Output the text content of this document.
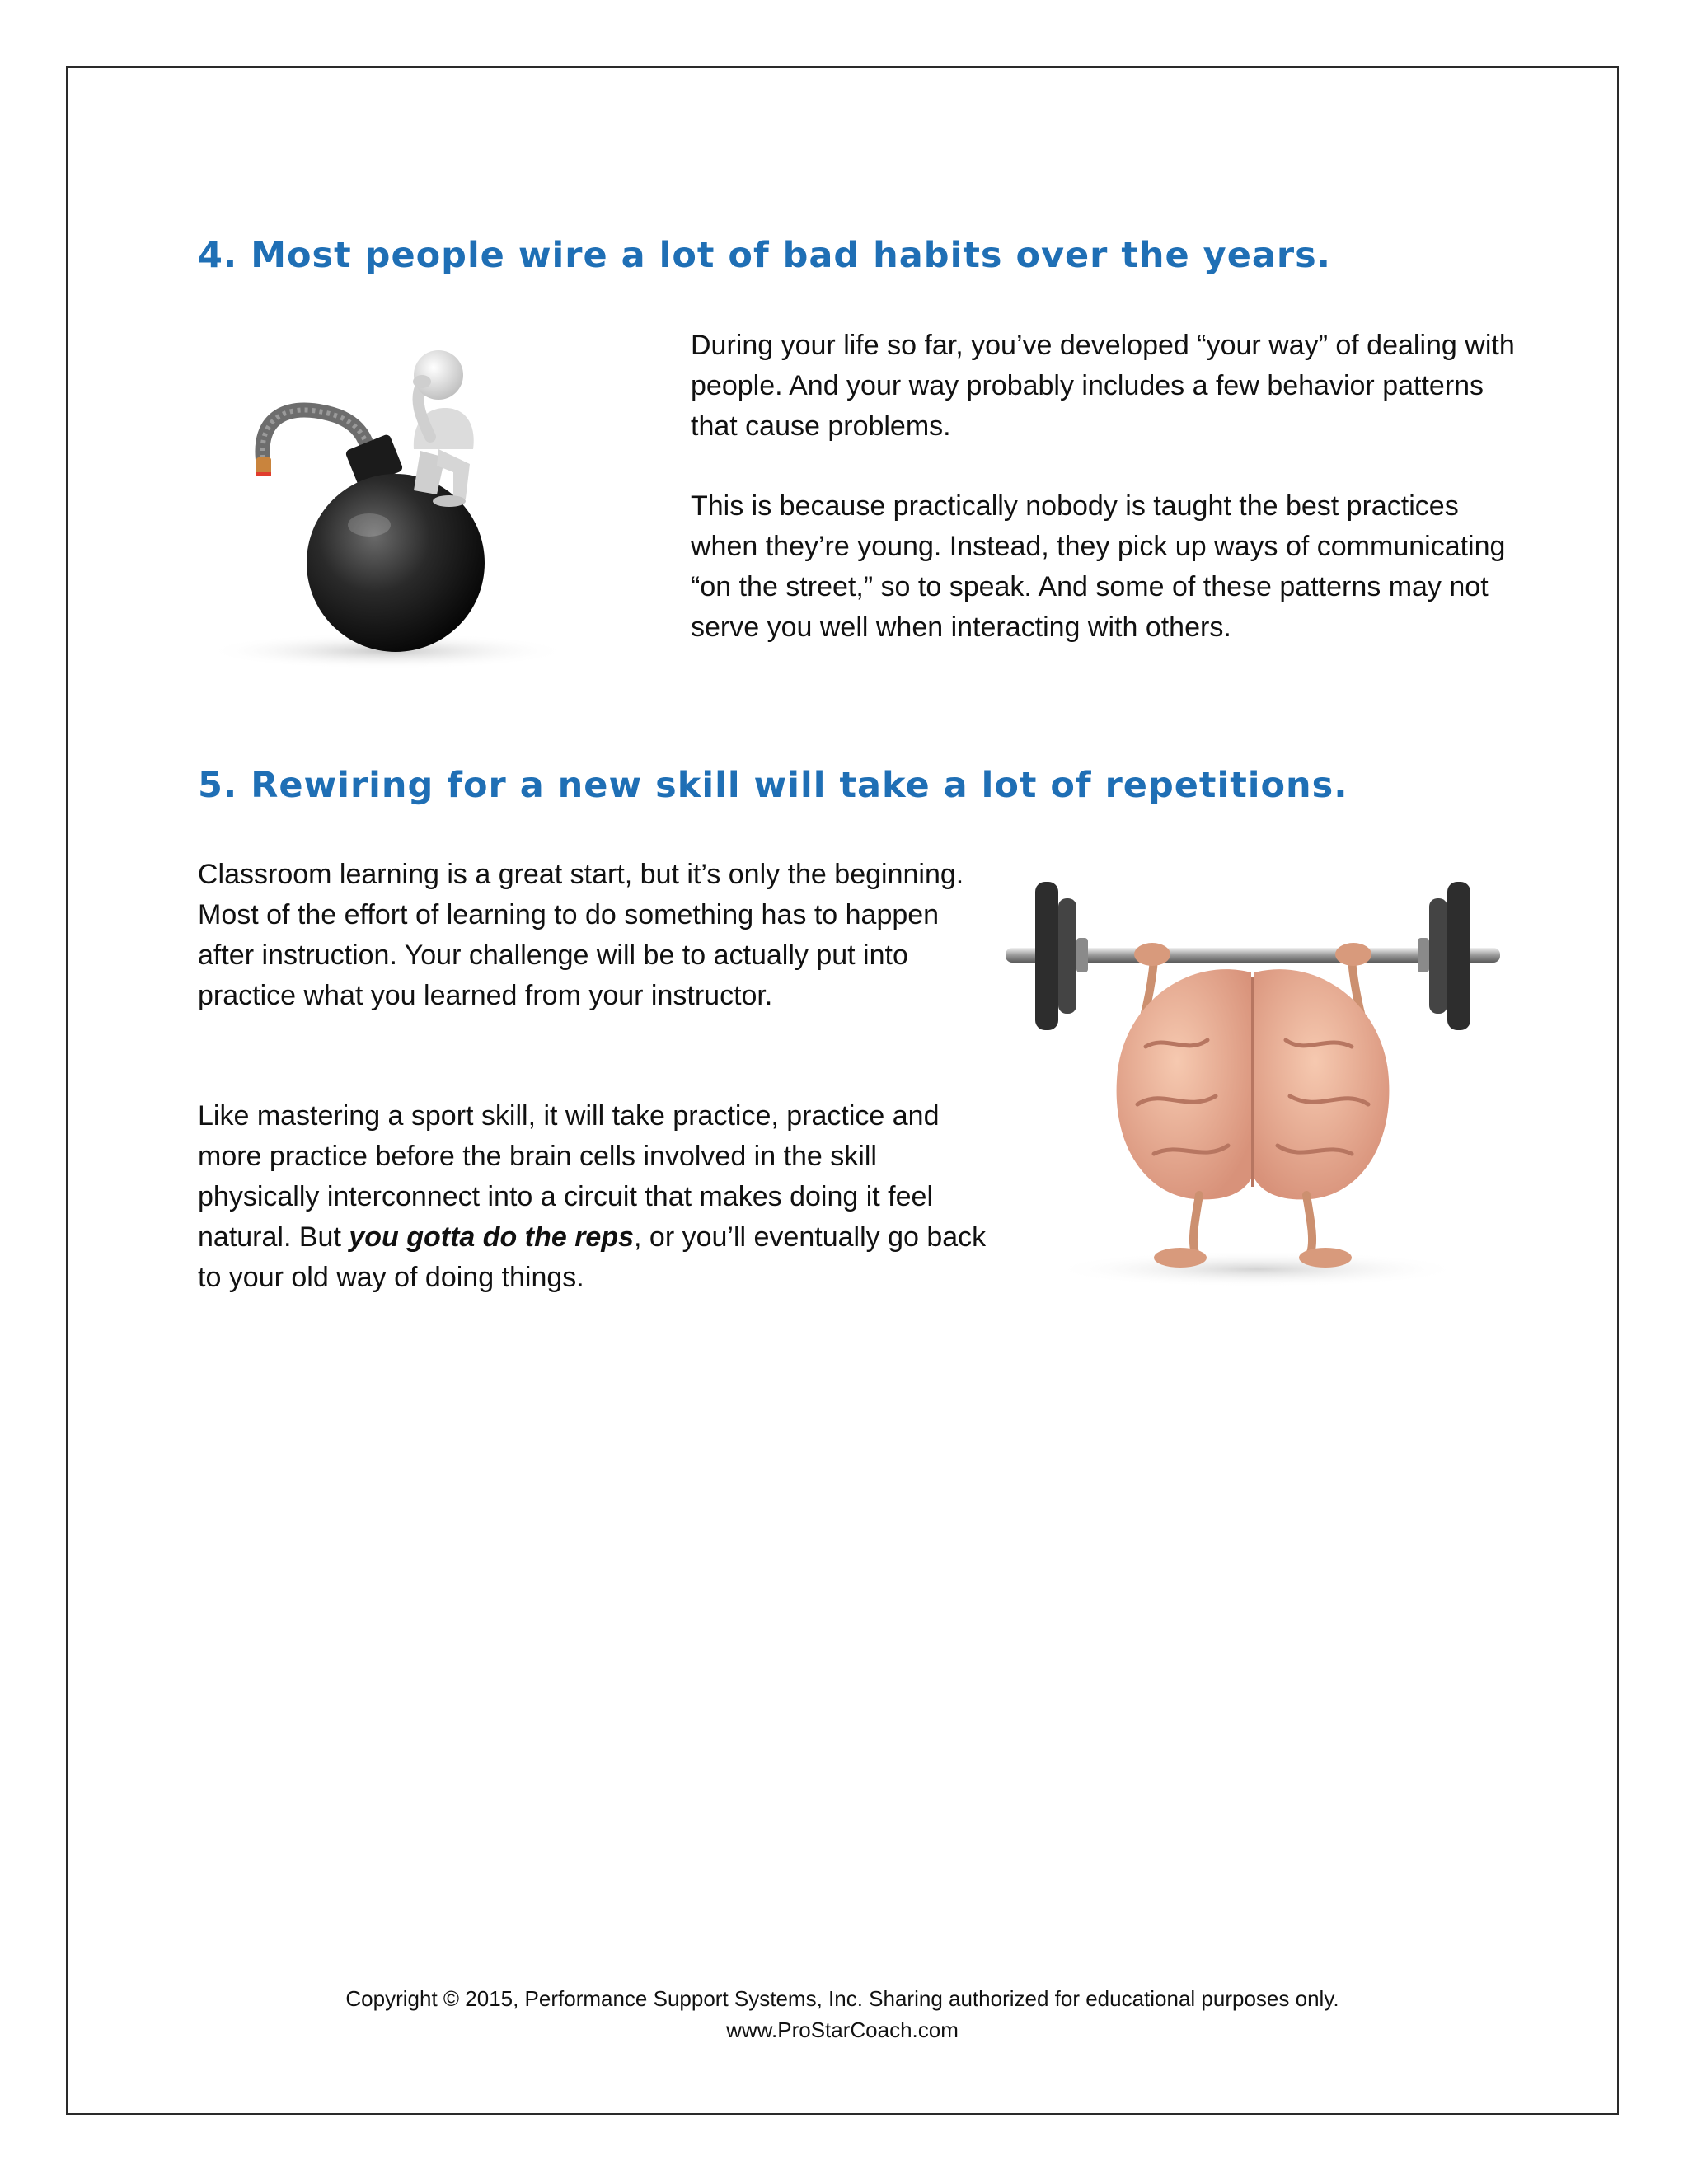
4. Most people wire a lot of bad habits over the years.

During your life so far, you’ve developed “your way” of dealing with people. And your way probably includes a few behavior patterns that cause problems.

This is because practically nobody is taught the best practices when they’re young. Instead, they pick up ways of communicating “on the street,” so to speak. And some of these patterns may not serve you well when interacting with others.

5. Rewiring for a new skill will take a lot of repetitions.

Classroom learning is a great start, but it’s only the beginning. Most of the effort of learning to do something has to happen after instruction. Your challenge will be to actually put into practice what you learned from your instructor.

Like mastering a sport skill, it will take practice, practice and more practice before the brain cells involved in the skill physically interconnect into a circuit that makes doing it feel natural. But you gotta do the reps, or you’ll eventually go back to your old way of doing things.

Copyright © 2015, Performance Support Systems, Inc. Sharing authorized for educational purposes only.

www.ProStarCoach.com
